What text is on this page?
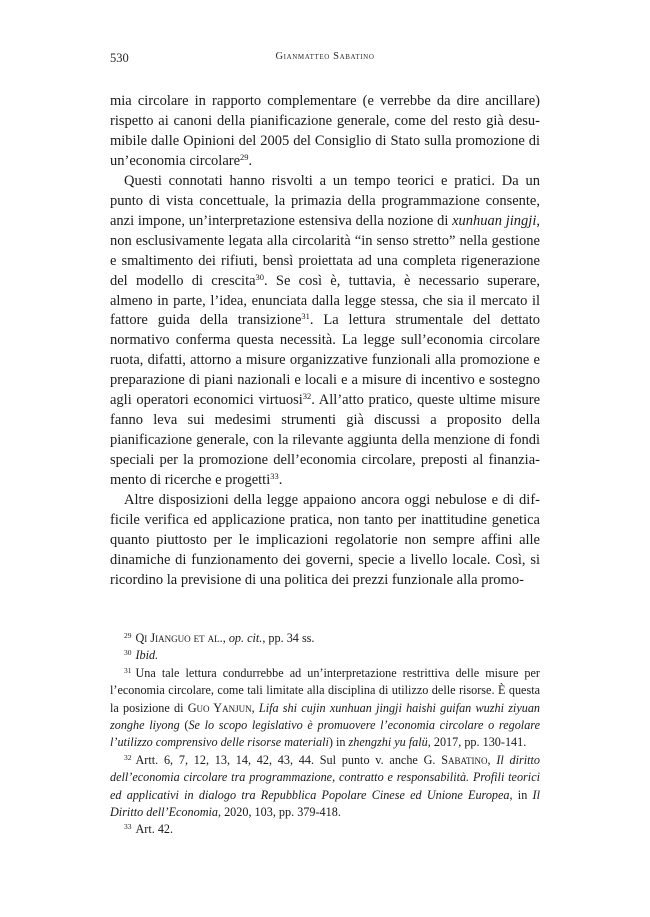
530	Gianmatteo Sabatino

mia circolare in rapporto complementare (e verrebbe da dire ancillare) rispetto ai canoni della pianificazione generale, come del resto già desumibile dalle Opinioni del 2005 del Consiglio di Stato sulla promozione di un’economia circolare$^{29}$.

Questi connotati hanno risvolti a un tempo teorici e pratici. Da un punto di vista concettuale, la primazia della programmazione consente, anzi impone, un’interpretazione estensiva della nozione di xunhuan jingji, non esclusivamente legata alla circolarità “in senso stretto” nella gestione e smaltimento dei rifiuti, bensì proiettata ad una completa rigenerazione del modello di crescita$^{30}$. Se così è, tuttavia, è necessario superare, almeno in parte, l’idea, enunciata dalla legge stessa, che sia il mercato il fattore guida della transizione$^{31}$. La lettura strumentale del dettato normativo conferma questa necessità. La legge sull’economia circolare ruota, difatti, attorno a misure organizzative funzionali alla promozione e preparazione di piani nazionali e locali e a misure di incentivo e sostegno agli operatori economici virtuosi$^{32}$. All’atto pratico, queste ultime misure fanno leva sui medesimi strumenti già discussi a proposito della pianificazione generale, con la rilevante aggiunta della menzione di fondi speciali per la promozione dell’economia circolare, preposti al finanziamento di ricerche e progetti$^{33}$.

Altre disposizioni della legge appaiono ancora oggi nebulose e di difficile verifica ed applicazione pratica, non tanto per inattitudine genetica quanto piuttosto per le implicazioni regolatorie non sempre affini alle dinamiche di funzionamento dei governi, specie a livello locale. Così, si ricordino la previsione di una politica dei prezzi funzionale alla promo-

$^{29}$ Qi Jianguo et al., op. cit., pp. 34 ss.

$^{30}$ Ibid.

$^{31}$ Una tale lettura condurrebbe ad un’interpretazione restrittiva delle misure per l’economia circolare, come tali limitate alla disciplina di utilizzo delle risorse. È questa la posizione di Guo Yanjun, Lifa shi cujin xunhuan jingji haishi guifan wuzhi ziyuan zonghe liyong (Se lo scopo legislativo è promuovere l’economia circolare o regolare l’utilizzo comprensivo delle risorse materiali) in zhengzhi yu falü, 2017, pp. 130-141.

$^{32}$ Artt. 6, 7, 12, 13, 14, 42, 43, 44. Sul punto v. anche G. Sabatino, Il diritto dell’economia circolare tra programmazione, contratto e responsabilità. Profili teorici ed applicativi in dialogo tra Repubblica Popolare Cinese ed Unione Europea, in Il Diritto dell’Economia, 2020, 103, pp. 379-418.

$^{33}$ Art. 42.
